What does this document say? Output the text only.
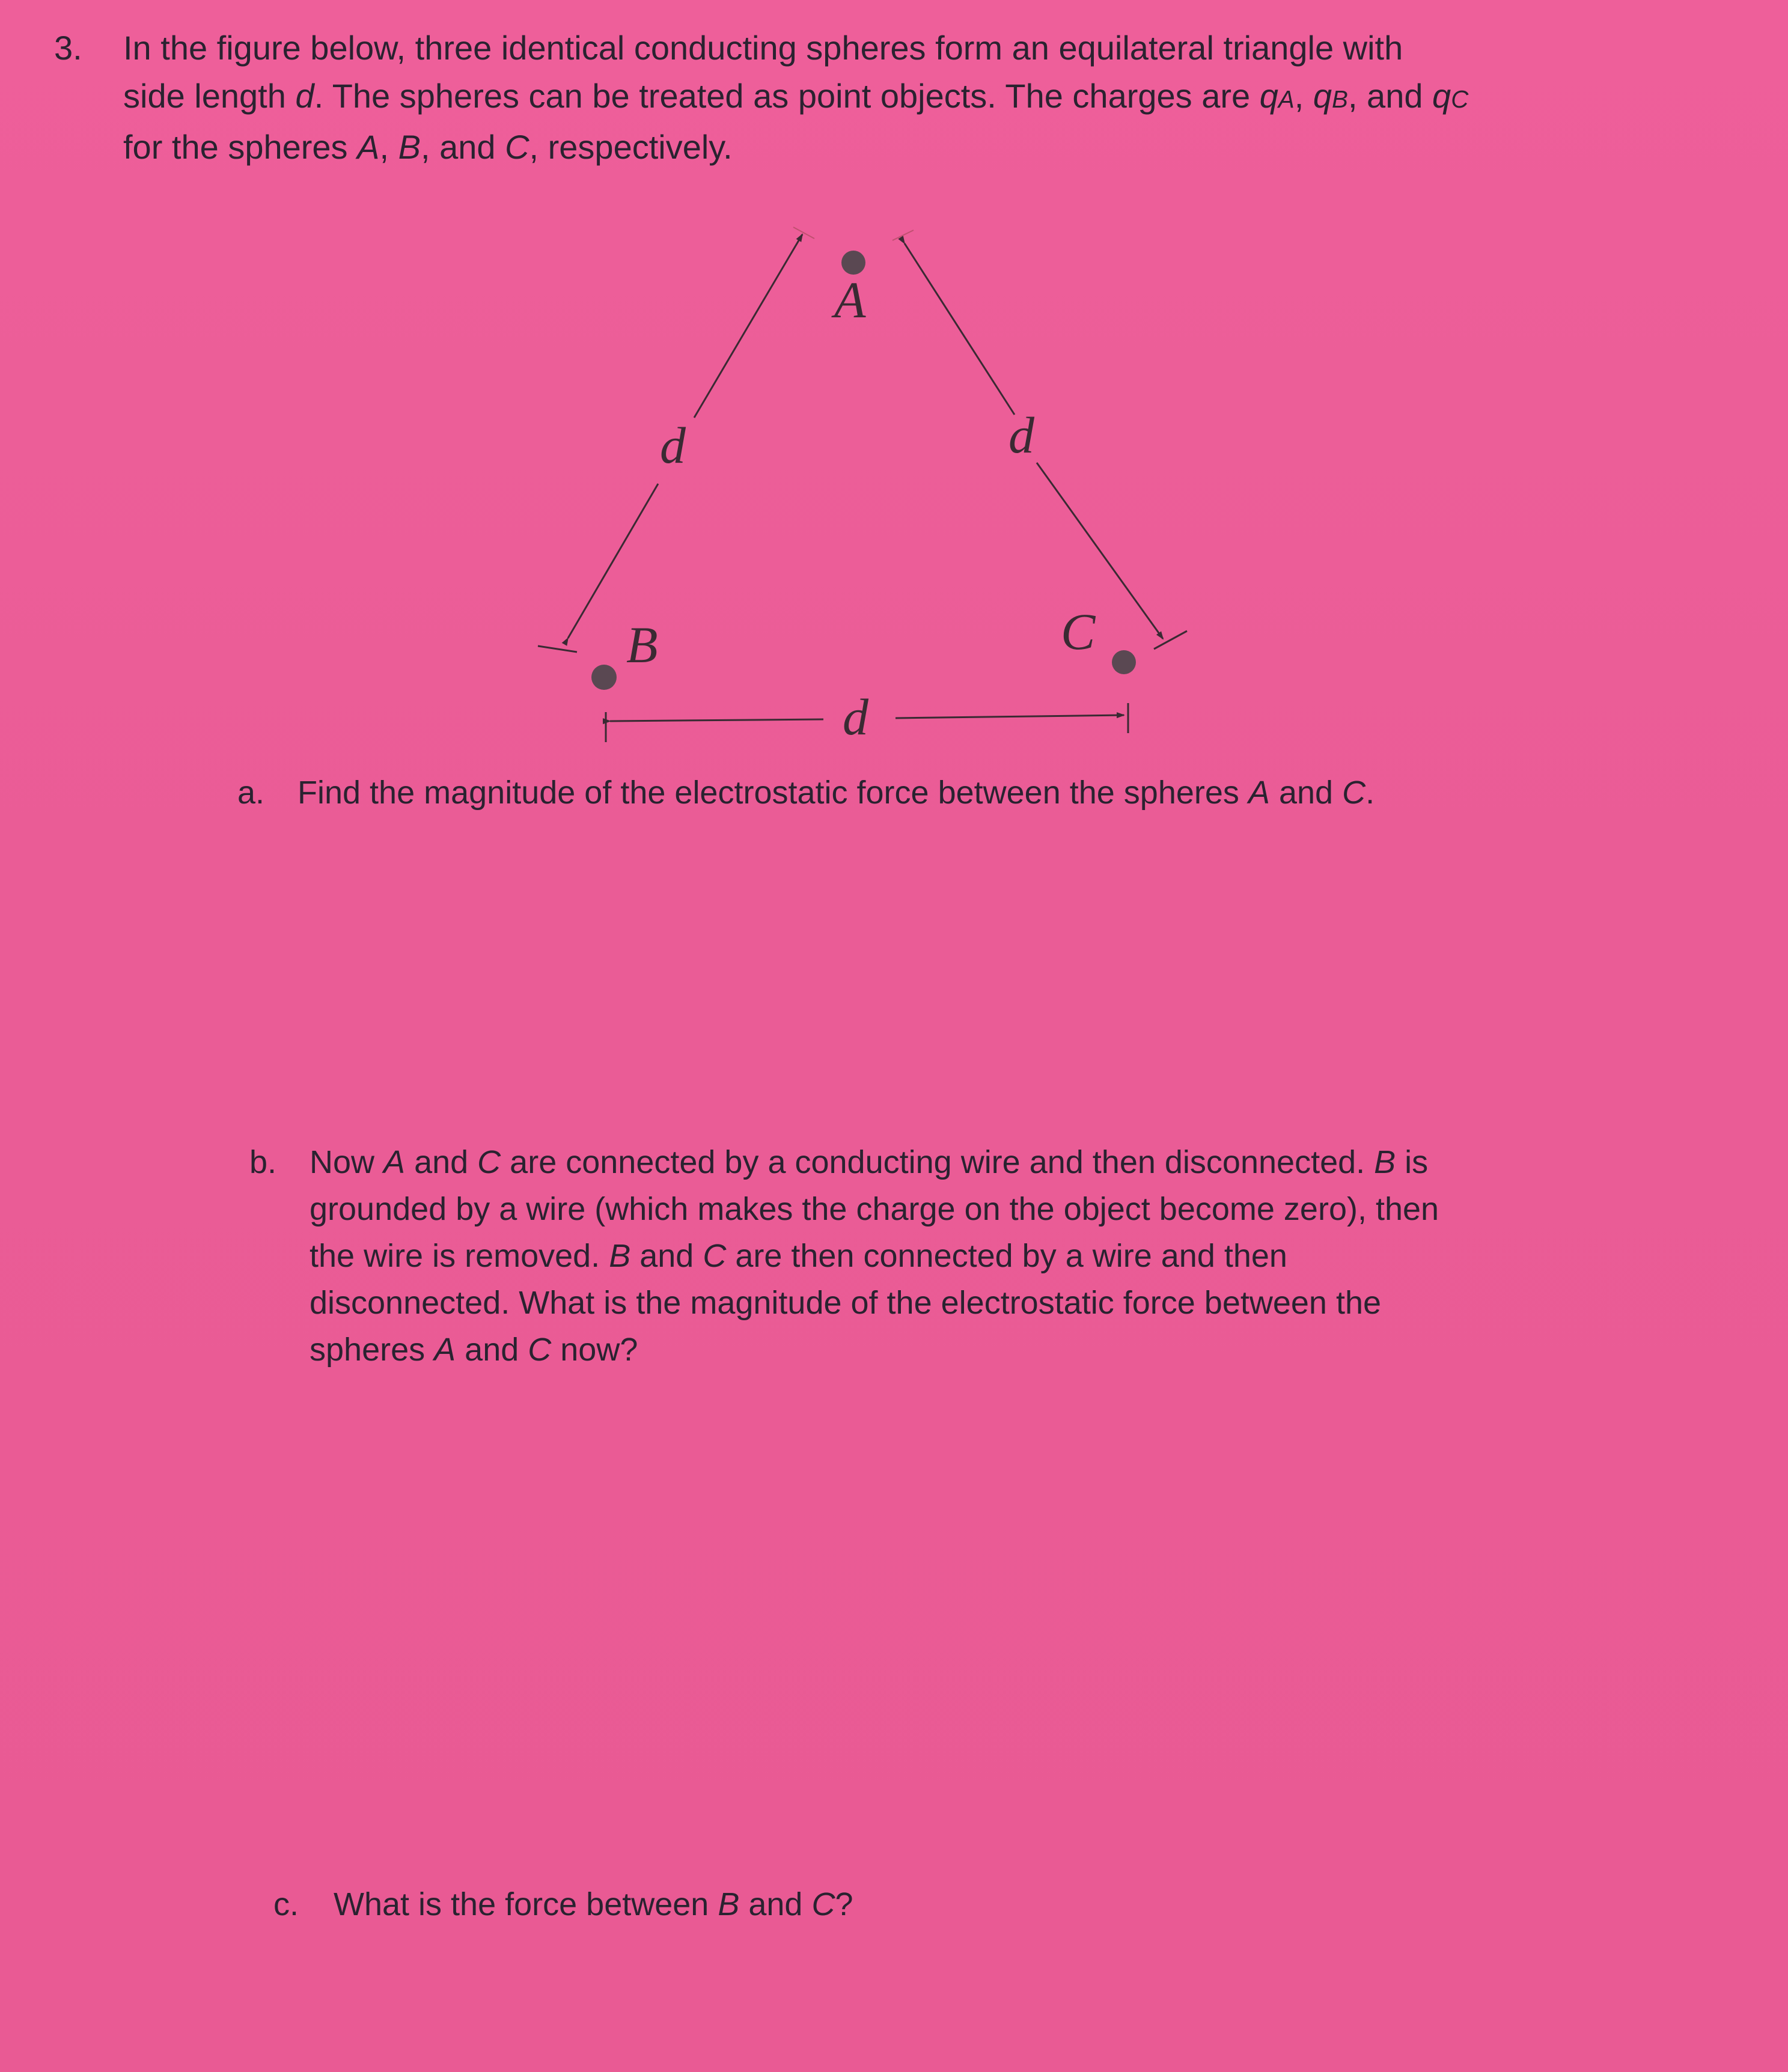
3. In the figure below, three identical conducting spheres form an equilateral triangle with

side length d. The spheres can be treated as point objects. The charges are qA, qB, and qC

for the spheres A, B, and C, respectively.

A
B	C
d	d
d
a. Find the magnitude of the electrostatic force between the spheres A and C.
b. Now A and C are connected by a conducting wire and then disconnected. B is
grounded by a wire (which makes the charge on the object become zero), then
the wire is removed. B and C are then connected by a wire and then
disconnected. What is the magnitude of the electrostatic force between the
spheres A and C now?
c. What is the force between B and C?
